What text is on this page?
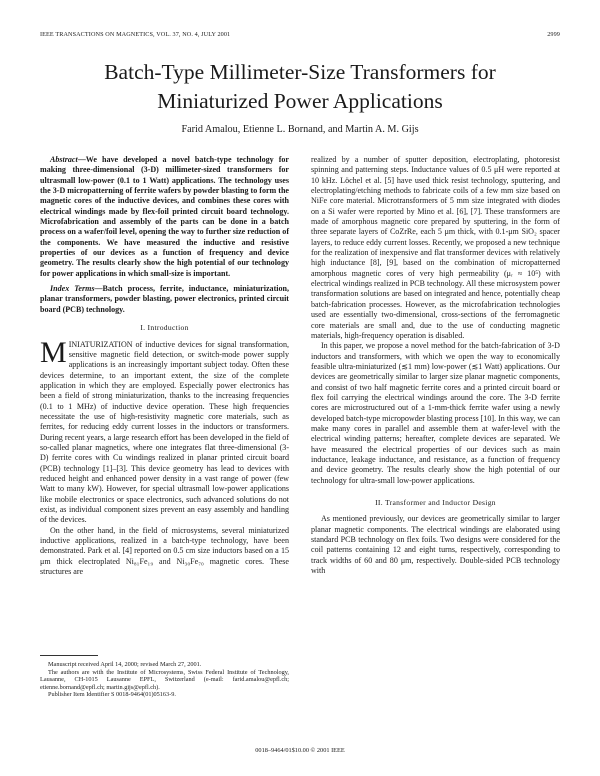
IEEE TRANSACTIONS ON MAGNETICS, VOL. 37, NO. 4, JULY 2001	2999
Batch-Type Millimeter-Size Transformers for
Miniaturized Power Applications
Farid Amalou, Etienne L. Bornand, and Martin A. M. Gijs

Abstract—We have developed a novel batch-type technology for making three-dimensional (3-D) millimeter-sized transformers for ultrasmall low-power (0.1 to 1 Watt) applications. The technology uses the 3-D micropatterning of ferrite wafers by powder blasting to form the magnetic cores of the inductive devices, and combines these cores with electrical windings made by flex-foil printed circuit board technology. Microfabrication and assembly of the parts can be done in a batch process on a wafer/foil level, opening the way to further size reduction of the components. We have measured the inductive and resistive properties of our devices as a function of frequency and device geometry. The results clearly show the high potential of our technology for power applications in which small-size is important.

Index Terms—Batch process, ferrite, inductance, miniaturization, planar transformers, powder blasting, power electronics, printed circuit board (PCB) technology.

I. Introduction

MINIATURIZATION of inductive devices for signal transformation, sensitive magnetic field detection, or switch-mode power supply applications is an increasingly important subject today. Often these devices determine, to an important extent, the size of the complete application in which they are employed. Especially power electronics has been a field of strong miniaturization, thanks to the increasing frequencies (0.1 to 1 MHz) of inductive device operation. These high frequencies necessitate the use of high-resistivity magnetic core materials, such as ferrites, for reducing eddy current losses in the inductors or transformers. During recent years, a large research effort has been developed in the field of so-called planar magnetics, where one integrates flat three-dimensional (3-D) ferrite cores with Cu windings realized in planar printed circuit board (PCB) technology [1]–[3]. This device geometry has lead to devices with reduced height and enhanced power density in a vast range of power (few Watt to many kW). However, for special ultrasmall low-power applications like mobile electronics or space electronics, such advanced solutions do not exist, as individual component sizes prevent an easy assembly and handling of the devices.

On the other hand, in the field of microsystems, several miniaturized inductive applications, realized in a batch-type technology, have been demonstrated. Park et al. [4] reported on 0.5 cm size inductors based on a 15 μm thick electroplated Ni₈₁Fe₁₉ and Ni₃₀Fe₇₀ magnetic cores. These structures are

realized by a number of sputter deposition, electroplating, photoresist spinning and patterning steps. Inductance values of 0.5 μH were reported at 10 kHz. Löchel et al. [5] have used thick resist technology, sputtering, and electroplating/etching methods to fabricate coils of a few mm size based on NiFe core material. Microtransformers of 5 mm size integrated with diodes on a Si wafer were reported by Mino et al. [6], [7]. These transformers are made of amorphous magnetic core prepared by sputtering, in the form of three separate layers of CoZrRe, each 5 μm thick, with 0.1-μm SiO₂ spacer layers, to reduce eddy current losses. Recently, we proposed a new technique for the realization of inexpensive and flat transformer devices with relatively high inductance [8], [9], based on the combination of micropatterned amorphous magnetic cores of very high permeability (μᵣ ≈ 10⁵) with electrical windings realized in PCB technology. All these microsystem power transformation solutions are based on integrated and hence, potentially cheap batch-fabrication processes. However, as the microfabrication technologies used are essentially two-dimensional, cross-sections of the ferromagnetic core materials are small and, due to the use of conducting magnetic materials, high-frequency operation is disabled.

In this paper, we propose a novel method for the batch-fabrication of 3-D inductors and transformers, with which we open the way to economically feasible ultra-miniaturized (≲1 mm) low-power (≲1 Watt) applications. Our devices are geometrically similar to larger size planar magnetic components, and consist of two half magnetic ferrite cores and a printed circuit board or flex foil carrying the electrical windings around the core. The 3-D ferrite cores are microstructured out of a 1-mm-thick ferrite wafer using a newly developed batch-type micropowder blasting process [10]. In this way, we can make many cores in parallel and assemble them at wafer-level with the electrical winding patterns; hereafter, complete devices are separated. We have measured the electrical properties of our devices such as main inductance, leakage inductance, and resistance, as a function of frequency and device geometry. The results clearly show the high potential of our technology for ultra-small low-power applications.

II. Transformer and Inductor Design

As mentioned previously, our devices are geometrically similar to larger planar magnetic components. The electrical windings are elaborated using standard PCB technology on flex foils. Two designs were considered for the coil patterns containing 12 and eight turns, respectively, corresponding to track widths of 60 and 80 μm, respectively. Double-sided PCB technology with

Manuscript received April 14, 2000; revised March 27, 2001.

The authors are with the Institute of Microsystems, Swiss Federal Institute of Technology, Lausanne, CH-1015 Lausanne EPFL, Switzerland (e-mail: farid.amalou@epfl.ch; etienne.bornand@epfl.ch; martin.gijs@epfl.ch).

Publisher Item Identifier S 0018-9464(01)05163-9.

0018–9464/01$10.00 © 2001 IEEE
